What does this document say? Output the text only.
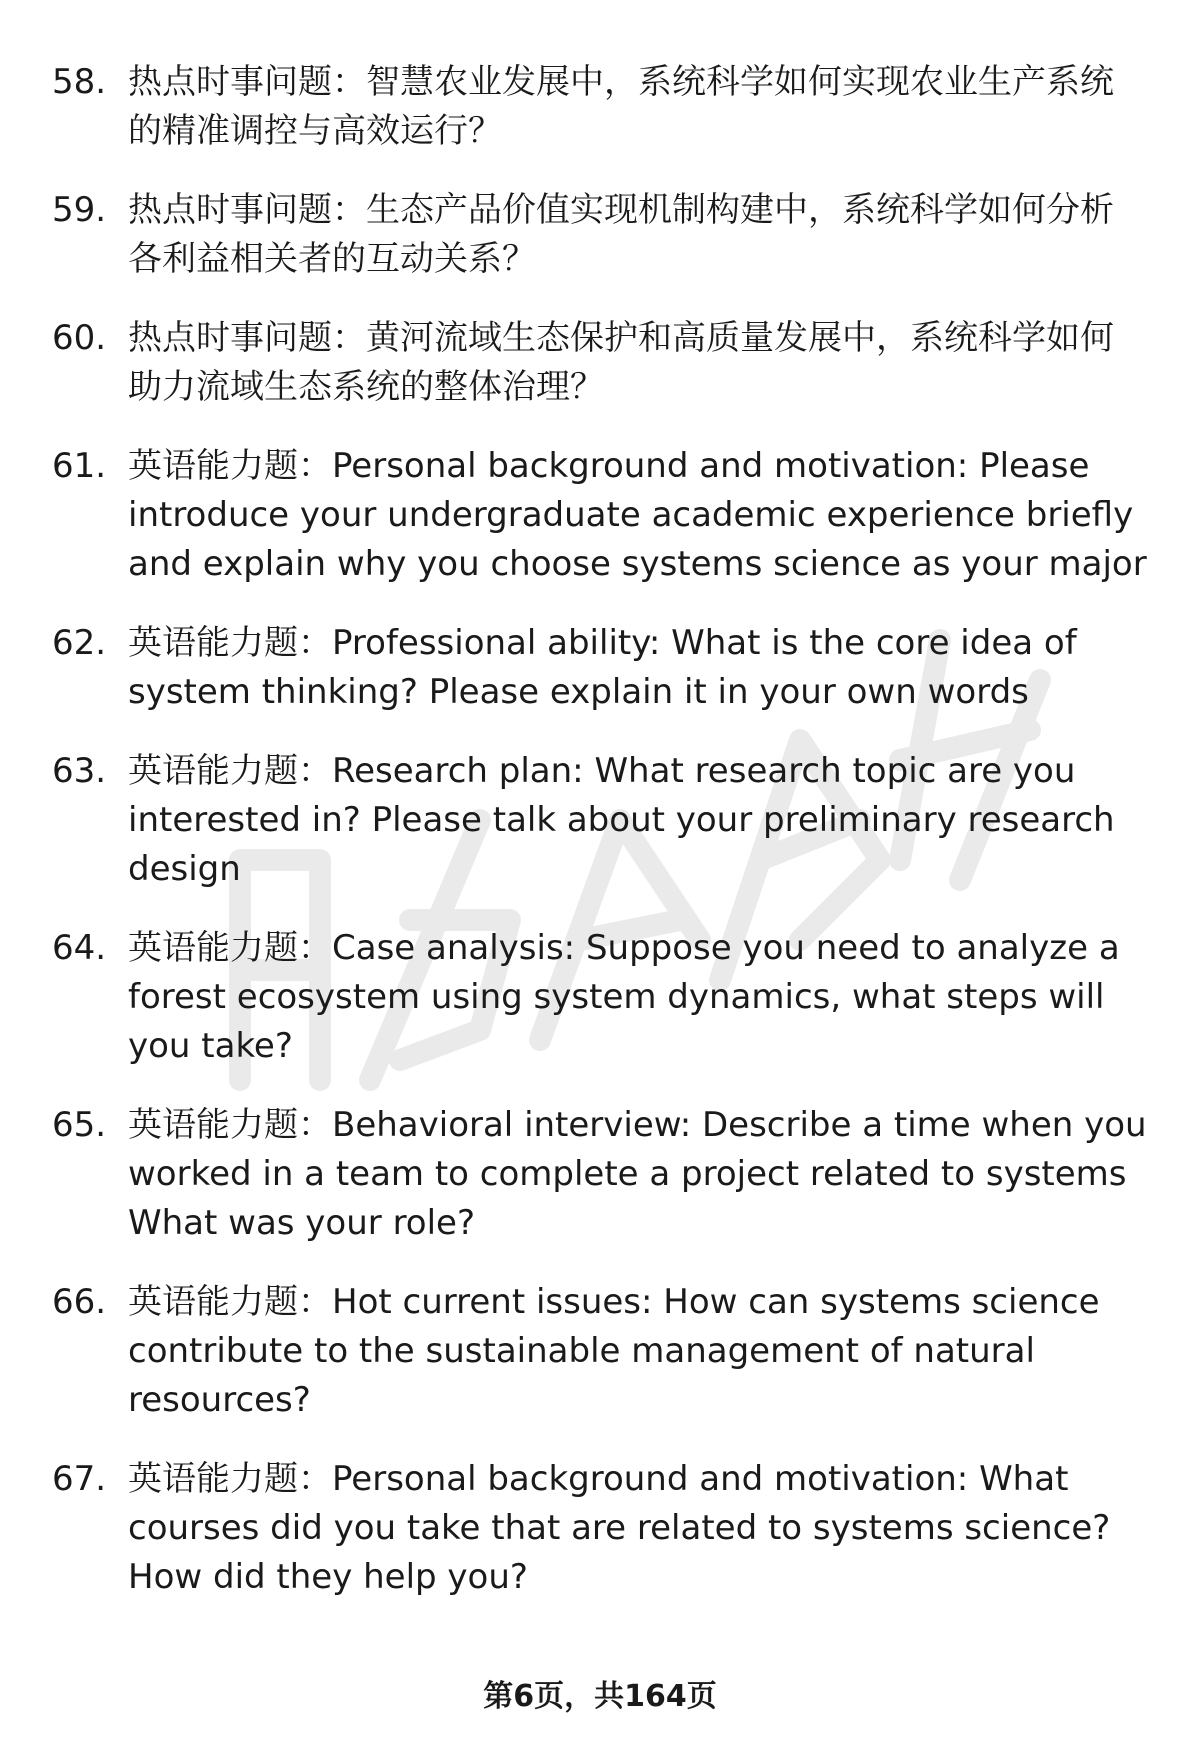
58. 热点时事问题：智慧农业发展中，系统科学如何实现农业生产系统的精准调控与高效运行？
59. 热点时事问题：生态产品价值实现机制构建中，系统科学如何分析各利益相关者的互动关系？
60. 热点时事问题：黄河流域生态保护和高质量发展中，系统科学如何助力流域生态系统的整体治理？
61. 英语能力题：Personal background and motivation: Please introduce your undergraduate academic experience briefly and explain why you choose systems science as your major
62. 英语能力题：Professional ability: What is the core idea of system thinking? Please explain it in your own words
63. 英语能力题：Research plan: What research topic are you interested in? Please talk about your preliminary research design
64. 英语能力题：Case analysis: Suppose you need to analyze a forest ecosystem using system dynamics, what steps will you take?
65. 英语能力题：Behavioral interview: Describe a time when you worked in a team to complete a project related to systems What was your role?
66. 英语能力题：Hot current issues: How can systems science contribute to the sustainable management of natural resources?
67. 英语能力题：Personal background and motivation: What courses did you take that are related to systems science? How did they help you?
第6页，共164页
